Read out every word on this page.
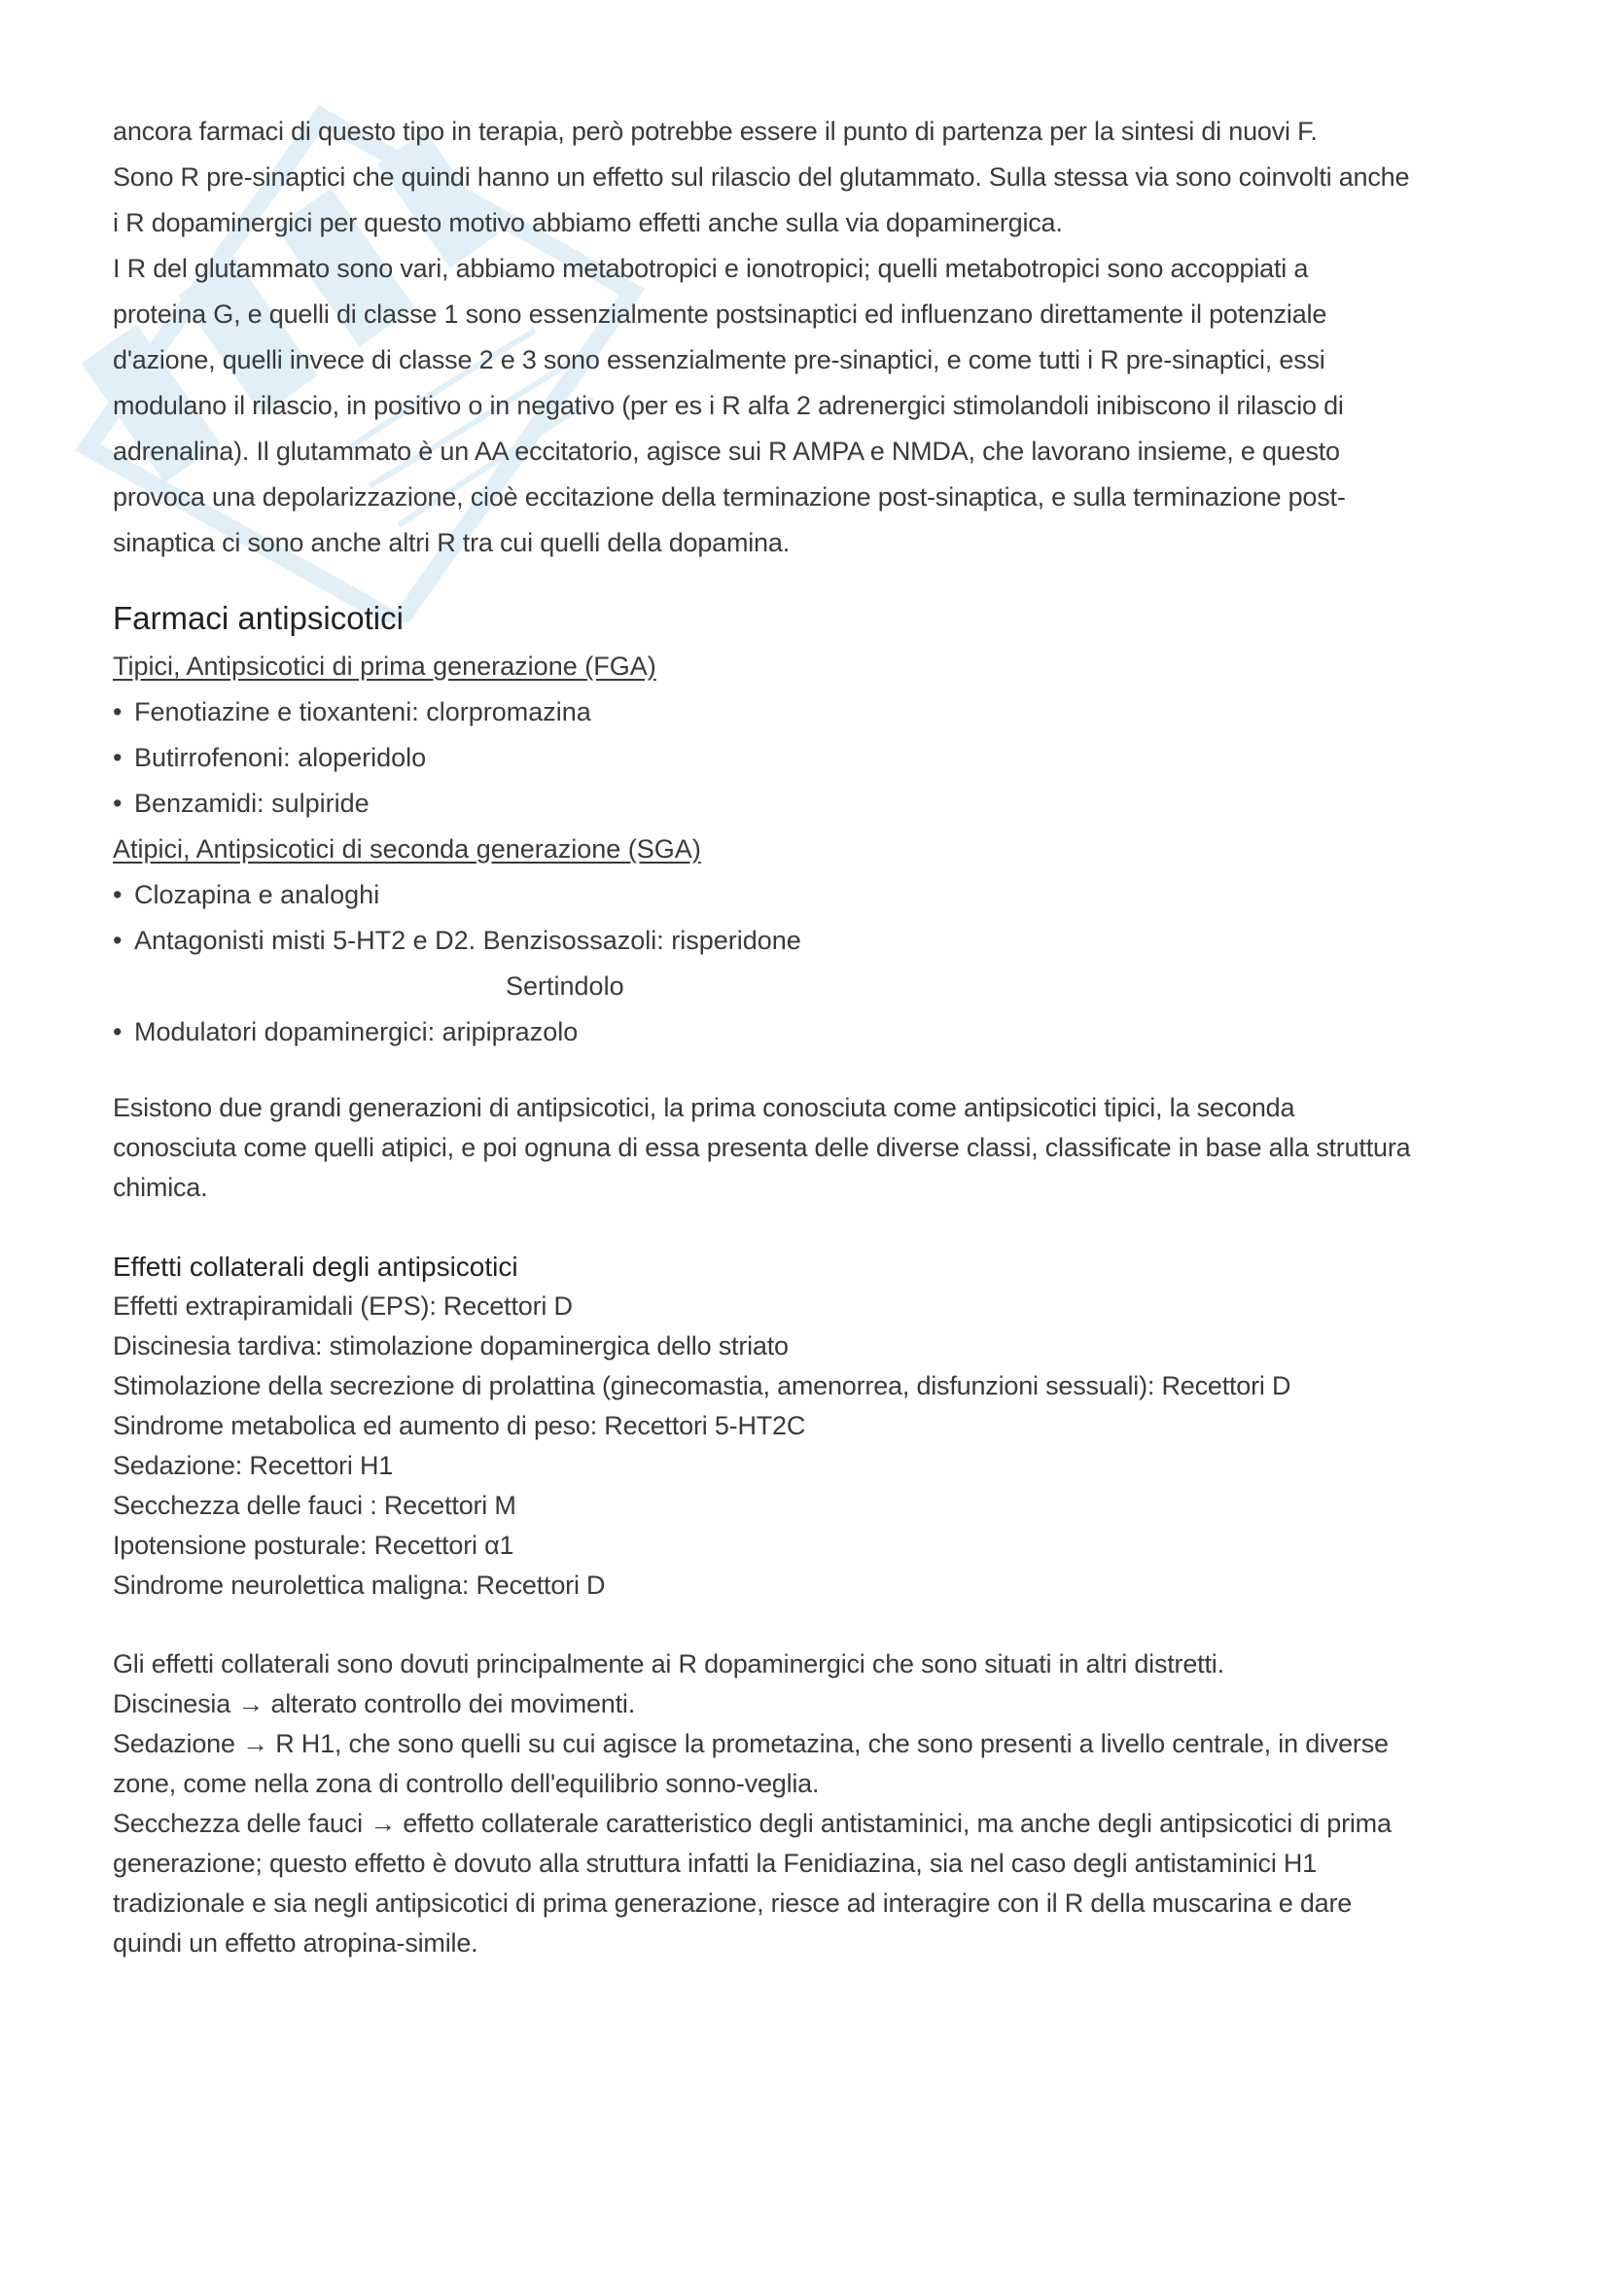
ancora farmaci di questo tipo in terapia, però potrebbe essere il punto di partenza per la sintesi di nuovi F.

Sono R pre-sinaptici che quindi hanno un effetto sul rilascio del glutammato. Sulla stessa via sono coinvolti anche

i R dopaminergici per questo motivo abbiamo effetti anche sulla via dopaminergica.

I R del glutammato sono vari, abbiamo metabotropici e ionotropici; quelli metabotropici sono accoppiati a

proteina G, e quelli di classe 1 sono essenzialmente postsinaptici ed influenzano direttamente il potenziale

d'azione, quelli invece di classe 2 e 3 sono essenzialmente pre-sinaptici, e come tutti i R pre-sinaptici, essi

modulano il rilascio, in positivo o in negativo (per es i R alfa 2 adrenergici stimolandoli inibiscono il rilascio di

adrenalina). Il glutammato è un AA eccitatorio, agisce sui R AMPA e NMDA, che lavorano insieme, e questo

provoca una depolarizzazione, cioè eccitazione della terminazione post-sinaptica, e sulla terminazione post-

sinaptica ci sono anche altri R tra cui quelli della dopamina.

Farmaci antipsicotici

Tipici, Antipsicotici di prima generazione (FGA)

• Fenotiazine e tioxanteni: clorpromazina

• Butirrofenoni: aloperidolo

• Benzamidi: sulpiride

Atipici, Antipsicotici di seconda generazione (SGA)

• Clozapina e analoghi

• Antagonisti misti 5-HT2 e D2. Benzisossazoli: risperidone

Sertindolo

• Modulatori dopaminergici: aripiprazolo

Esistono due grandi generazioni di antipsicotici, la prima conosciuta come antipsicotici tipici, la seconda

conosciuta come quelli atipici, e poi ognuna di essa presenta delle diverse classi, classificate in base alla struttura

chimica.

Effetti collaterali degli antipsicotici

Effetti extrapiramidali (EPS): Recettori D

Discinesia tardiva: stimolazione dopaminergica dello striato

Stimolazione della secrezione di prolattina (ginecomastia, amenorrea, disfunzioni sessuali): Recettori D

Sindrome metabolica ed aumento di peso: Recettori 5-HT2C

Sedazione: Recettori H1

Secchezza delle fauci : Recettori M

Ipotensione posturale: Recettori α1

Sindrome neurolettica maligna: Recettori D

Gli effetti collaterali sono dovuti principalmente ai R dopaminergici che sono situati in altri distretti.

Discinesia → alterato controllo dei movimenti.

Sedazione → R H1, che sono quelli su cui agisce la prometazina, che sono presenti a livello centrale, in diverse

zone, come nella zona di controllo dell'equilibrio sonno-veglia.

Secchezza delle fauci → effetto collaterale caratteristico degli antistaminici, ma anche degli antipsicotici di prima

generazione; questo effetto è dovuto alla struttura infatti la Fenidiazina, sia nel caso degli antistaminici H1

tradizionale e sia negli antipsicotici di prima generazione, riesce ad interagire con il R della muscarina e dare

quindi un effetto atropina-simile.
